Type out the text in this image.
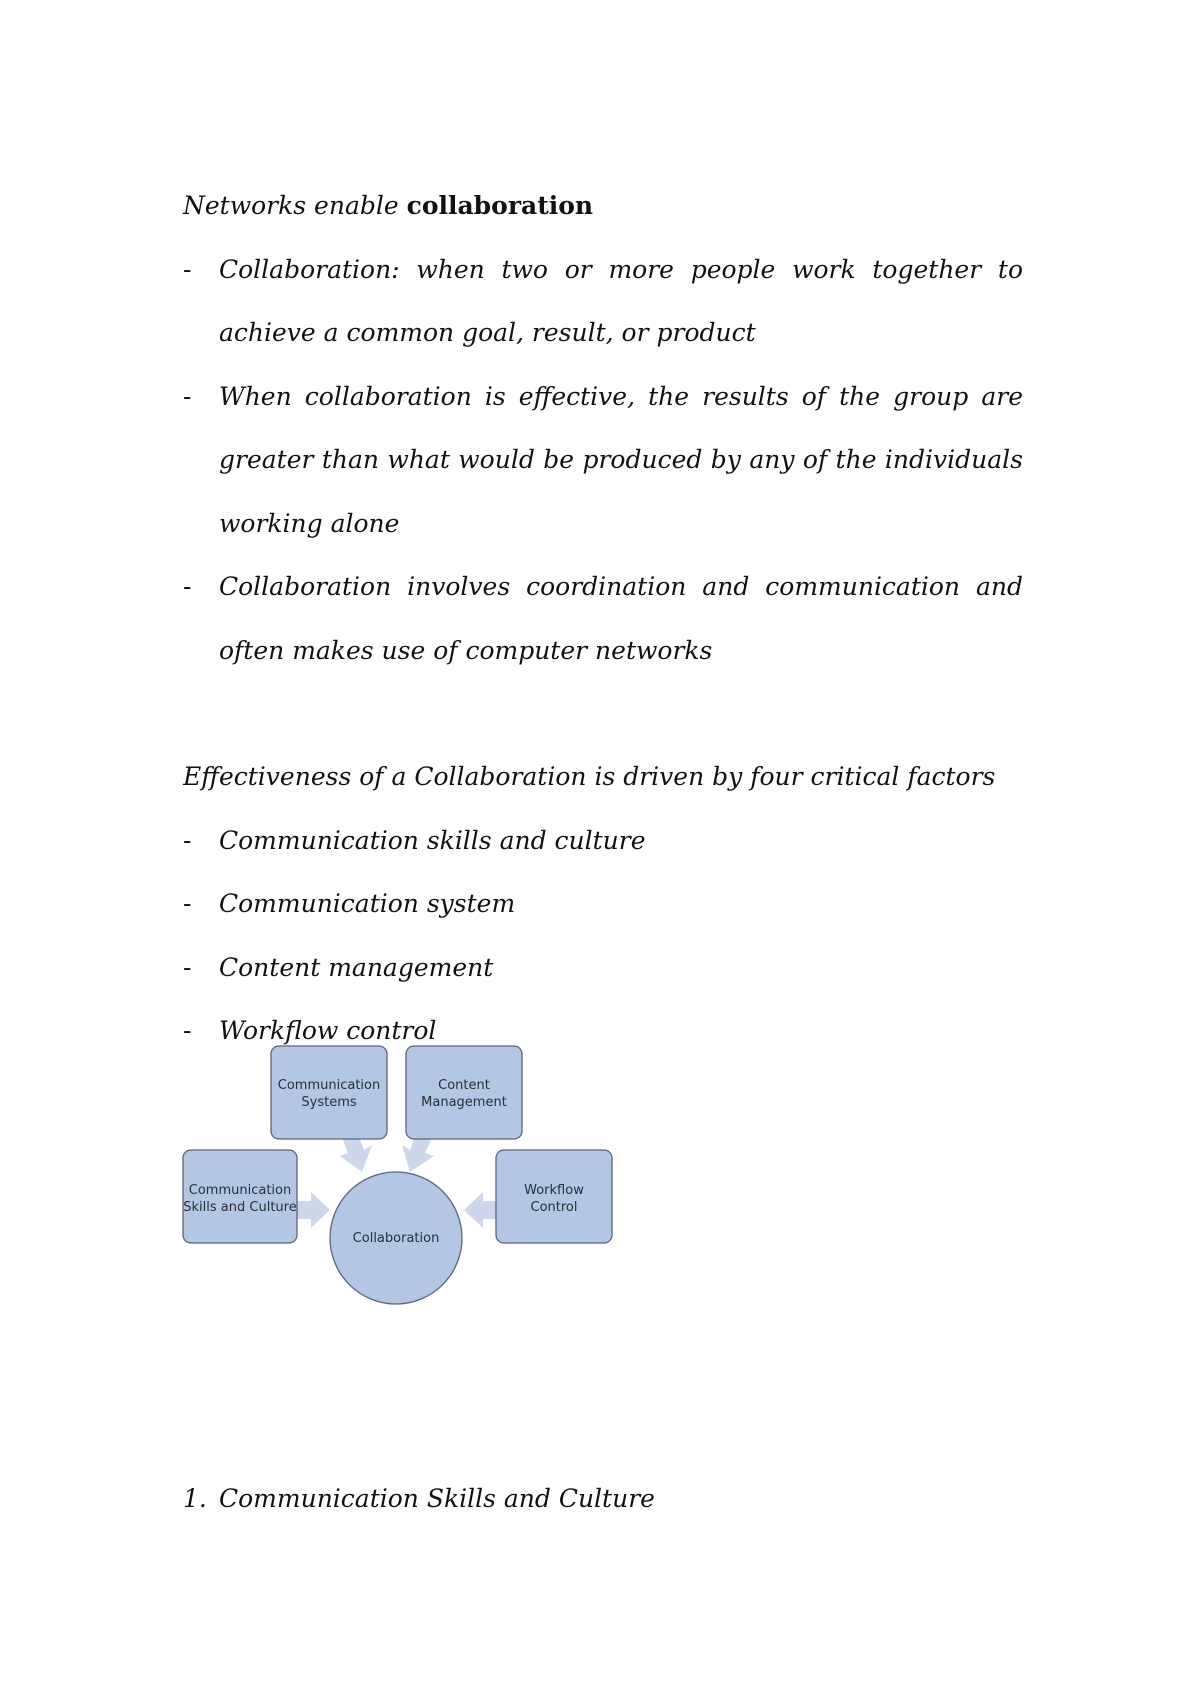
Networks enable collaboration

- Collaboration: when two or more people work together to achieve a common goal, result, or product
- When collaboration is effective, the results of the group are greater than what would be produced by any of the individuals working alone
- Collaboration involves coordination and communication and often makes use of computer networks

Effectiveness of a Collaboration is driven by four critical factors

- Communication skills and culture
- Communication system
- Content management
- Workflow control
Communication
Systems
Content
Management
Communication
Skills and Culture
Workflow
Control
Collaboration
1. Communication Skills and Culture
